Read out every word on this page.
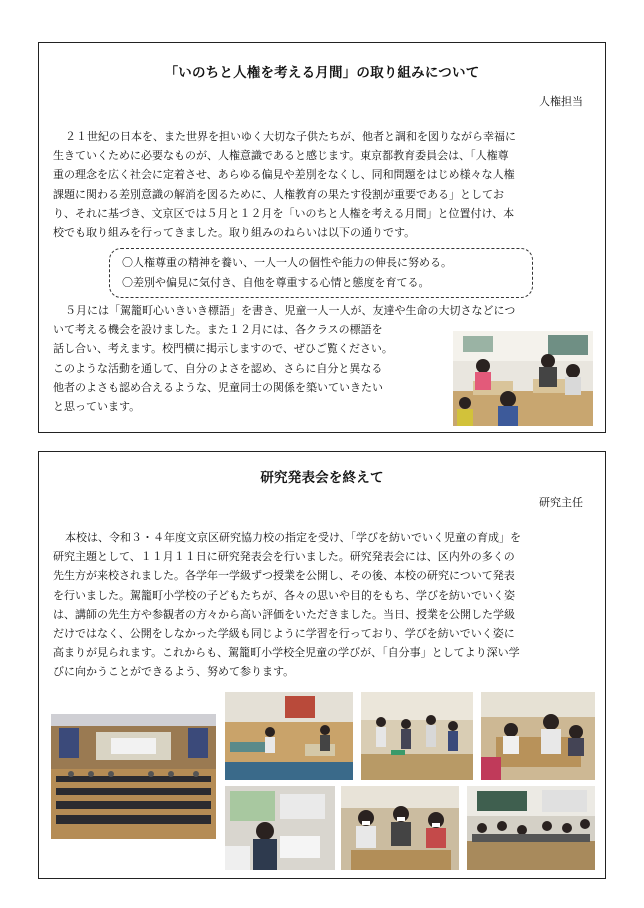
「いのちと人権を考える月間」の取り組みについて
人権担当
２１世紀の日本を、また世界を担いゆく大切な子供たちが、他者と調和を図りながら幸福に
生きていくために必要なものが、人権意識であると感じます。東京都教育委員会は、「人権尊
重の理念を広く社会に定着させ、あらゆる偏見や差別をなくし、同和問題をはじめ様々な人権
課題に関わる差別意識の解消を図るために、人権教育の果たす役割が重要である」としてお
り、それに基づき、文京区では５月と１２月を「いのちと人権を考える月間」と位置付け、本
校でも取り組みを行ってきました。取り組みのねらいは以下の通りです。
〇人権尊重の精神を養い、一人一人の個性や能力の伸長に努める。
〇差別や偏見に気付き、自他を尊重する心情と態度を育てる。
５月には「駕籠町心いきいき標語」を書き、児童一人一人が、友達や生命の大切さなどにつ
いて考える機会を設けました。また１２月には、各クラスの標語を
話し合い、考えます。校門横に掲示しますので、ぜひご覧ください。
このような活動を通して、自分のよさを認め、さらに自分と異なる
他者のよさも認め合えるような、児童同士の関係を築いていきたい
と思っています。
研究発表会を終えて
研究主任
本校は、令和３・４年度文京区研究協力校の指定を受け、「学びを紡いでいく児童の育成」を
研究主題として、１１月１１日に研究発表会を行いました。研究発表会には、区内外の多くの
先生方が来校されました。各学年一学級ずつ授業を公開し、その後、本校の研究について発表
を行いました。駕籠町小学校の子どもたちが、各々の思いや目的をもち、学びを紡いでいく姿
は、講師の先生方や参観者の方々から高い評価をいただきました。当日、授業を公開した学級
だけではなく、公開をしなかった学級も同じように学習を行っており、学びを紡いでいく姿に
高まりが見られます。これからも、駕籠町小学校全児童の学びが、「自分事」としてより深い学
びに向かうことができるよう、努めて参ります。
